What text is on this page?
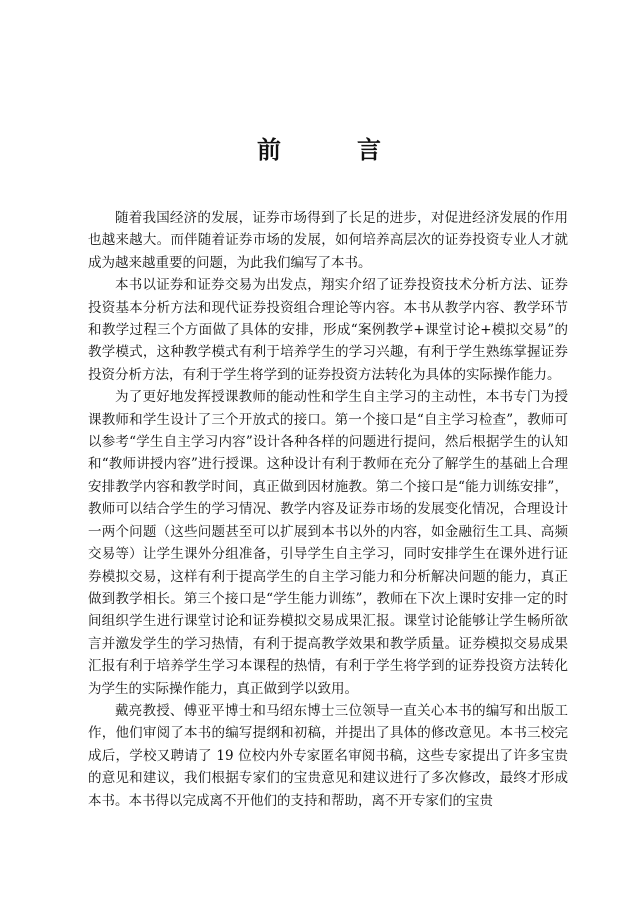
前　言

随着我国经济的发展，证券市场得到了长足的进步，对促进经济发展的作用也越来越大。而伴随着证券市场的发展，如何培养高层次的证券投资专业人才就成为越来越重要的问题，为此我们编写了本书。

本书以证券和证券交易为出发点，翔实介绍了证券投资技术分析方法、证券投资基本分析方法和现代证券投资组合理论等内容。本书从教学内容、教学环节和教学过程三个方面做了具体的安排，形成“案例教学+课堂讨论+模拟交易”的教学模式，这种教学模式有利于培养学生的学习兴趣，有利于学生熟练掌握证券投资分析方法，有利于学生将学到的证券投资方法转化为具体的实际操作能力。

为了更好地发挥授课教师的能动性和学生自主学习的主动性，本书专门为授课教师和学生设计了三个开放式的接口。第一个接口是“自主学习检查”，教师可以参考“学生自主学习内容”设计各种各样的问题进行提问，然后根据学生的认知和“教师讲授内容”进行授课。这种设计有利于教师在充分了解学生的基础上合理安排教学内容和教学时间，真正做到因材施教。第二个接口是“能力训练安排”，教师可以结合学生的学习情况、教学内容及证券市场的发展变化情况，合理设计一两个问题（这些问题甚至可以扩展到本书以外的内容，如金融衍生工具、高频交易等）让学生课外分组准备，引导学生自主学习，同时安排学生在课外进行证券模拟交易，这样有利于提高学生的自主学习能力和分析解决问题的能力，真正做到教学相长。第三个接口是“学生能力训练”，教师在下次上课时安排一定的时间组织学生进行课堂讨论和证券模拟交易成果汇报。课堂讨论能够让学生畅所欲言并激发学生的学习热情，有利于提高教学效果和教学质量。证券模拟交易成果汇报有利于培养学生学习本课程的热情，有利于学生将学到的证券投资方法转化为学生的实际操作能力，真正做到学以致用。

戴亮教授、傅亚平博士和马绍东博士三位领导一直关心本书的编写和出版工作，他们审阅了本书的编写提纲和初稿，并提出了具体的修改意见。本书三校完成后，学校又聘请了 19 位校内外专家匿名审阅书稿，这些专家提出了许多宝贵的意见和建议，我们根据专家们的宝贵意见和建议进行了多次修改，最终才形成本书。本书得以完成离不开他们的支持和帮助，离不开专家们的宝贵
